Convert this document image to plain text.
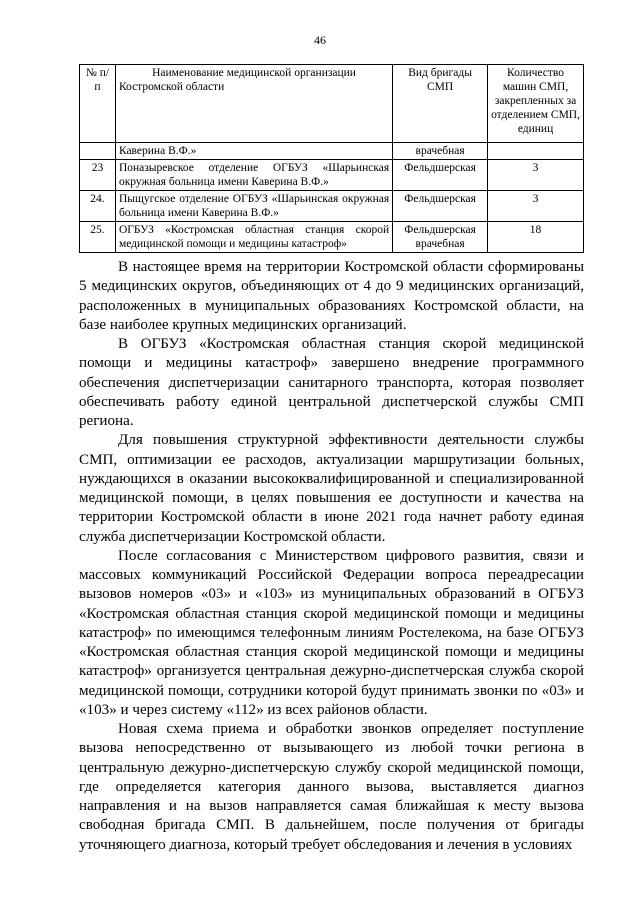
46
№ п/п	Наименование медицинской организации Костромской области	Вид бригады СМП	Количество машин СМП, закрепленных за отделением СМП, единиц
	Каверина В.Ф.»	врачебная	
23	Поназыревское отделение ОГБУЗ «Шарьинская окружная больница имени Каверина В.Ф.»	Фельдшерская	3
24.	Пыщугское отделение ОГБУЗ «Шарьинская окружная больница имени Каверина В.Ф.»	Фельдшерская	3
25.	ОГБУЗ «Костромская областная станция скорой медицинской помощи и медицины катастроф»	Фельдшерская врачебная	18

В настоящее время на территории Костромской области сформированы 5 медицинских округов, объединяющих от 4 до 9 медицинских организаций, расположенных в муниципальных образованиях Костромской области, на базе наиболее крупных медицинских организаций.

В ОГБУЗ «Костромская областная станция скорой медицинской помощи и медицины катастроф» завершено внедрение программного обеспечения диспетчеризации санитарного транспорта, которая позволяет обеспечивать работу единой центральной диспетчерской службы СМП региона.

Для повышения структурной эффективности деятельности службы СМП, оптимизации ее расходов, актуализации маршрутизации больных, нуждающихся в оказании высококвалифицированной и специализированной медицинской помощи, в целях повышения ее доступности и качества на территории Костромской области в июне 2021 года начнет работу единая служба диспетчеризации Костромской области.

После согласования с Министерством цифрового развития, связи и массовых коммуникаций Российской Федерации вопроса переадресации вызовов номеров «03» и «103» из муниципальных образований в ОГБУЗ «Костромская областная станция скорой медицинской помощи и медицины катастроф» по имеющимся телефонным линиям Ростелекома, на базе ОГБУЗ «Костромская областная станция скорой медицинской помощи и медицины катастроф» организуется центральная дежурно-диспетчерская служба скорой медицинской помощи, сотрудники которой будут принимать звонки по «03» и «103» и через систему «112» из всех районов области.

Новая схема приема и обработки звонков определяет поступление вызова непосредственно от вызывающего из любой точки региона в центральную дежурно-диспетчерскую службу скорой медицинской помощи, где определяется категория данного вызова, выставляется диагноз направления и на вызов направляется самая ближайшая к месту вызова свободная бригада СМП. В дальнейшем, после получения от бригады уточняющего диагноза, который требует обследования и лечения в условиях
